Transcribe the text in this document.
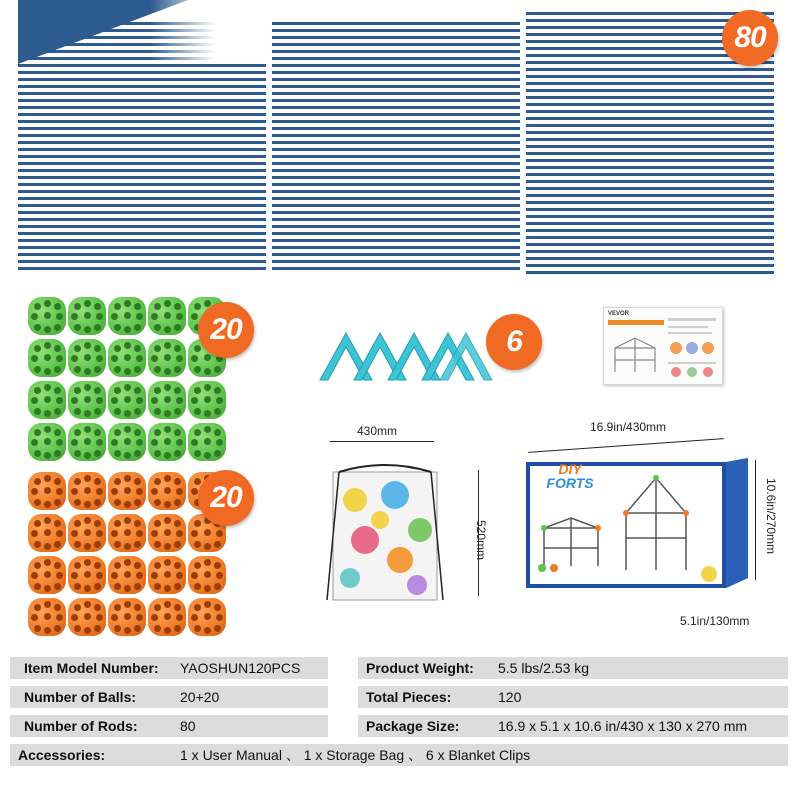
80
20
20
6
VEVOR
430mm
520mm
16.9in/430mm
10.6in/270mm
5.1in/130mm
DIY
FORTS
Item Model Number: YAOSHUN120PCS
Number of Balls:	20+20
Number of Rods:	80
Product Weight: 5.5 lbs/2.53 kg
Total Pieces:	120
Package Size:	16.9 x 5.1 x 10.6 in/430 x 130 x 270 mm
Accessories:	1 x User Manual 、 1 x Storage Bag 、 6 x Blanket Clips
